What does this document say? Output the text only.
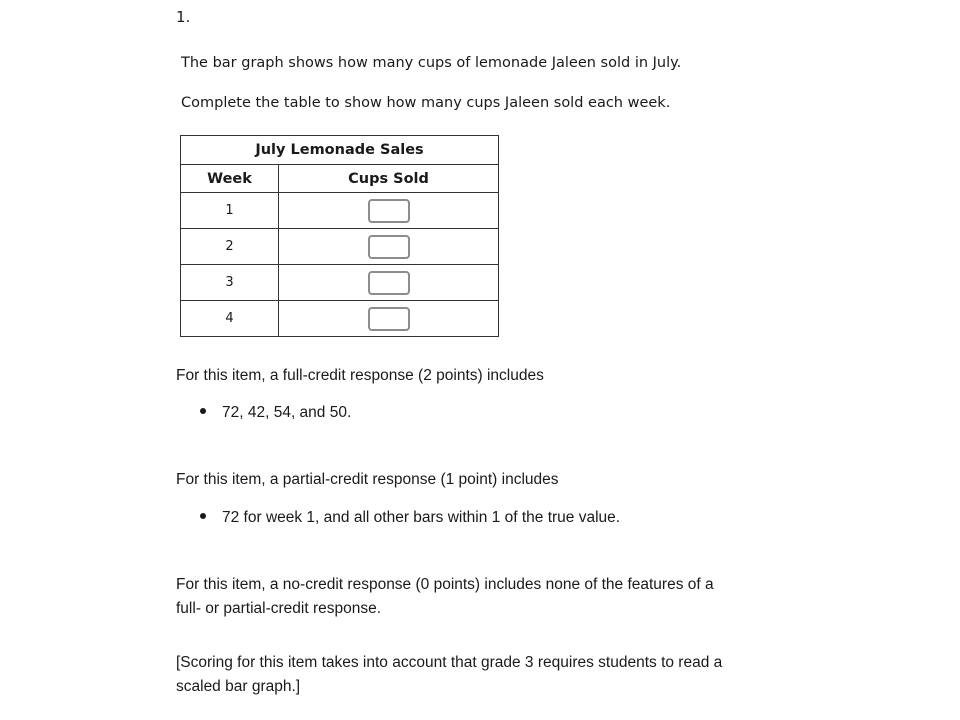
1.
The bar graph shows how many cups of lemonade Jaleen sold in July.
Complete the table to show how many cups Jaleen sold each week.
July Lemonade Sales	
Week	Cups Sold
1	
2	
3	
4	
For this item, a full-credit response (2 points) includes
72, 42, 54, and 50.
For this item, a partial-credit response (1 point) includes
72 for week 1, and all other bars within 1 of the true value.
For this item, a no-credit response (0 points) includes none of the features of a
full- or partial-credit response.
[Scoring for this item takes into account that grade 3 requires students to read a
scaled bar graph.]
